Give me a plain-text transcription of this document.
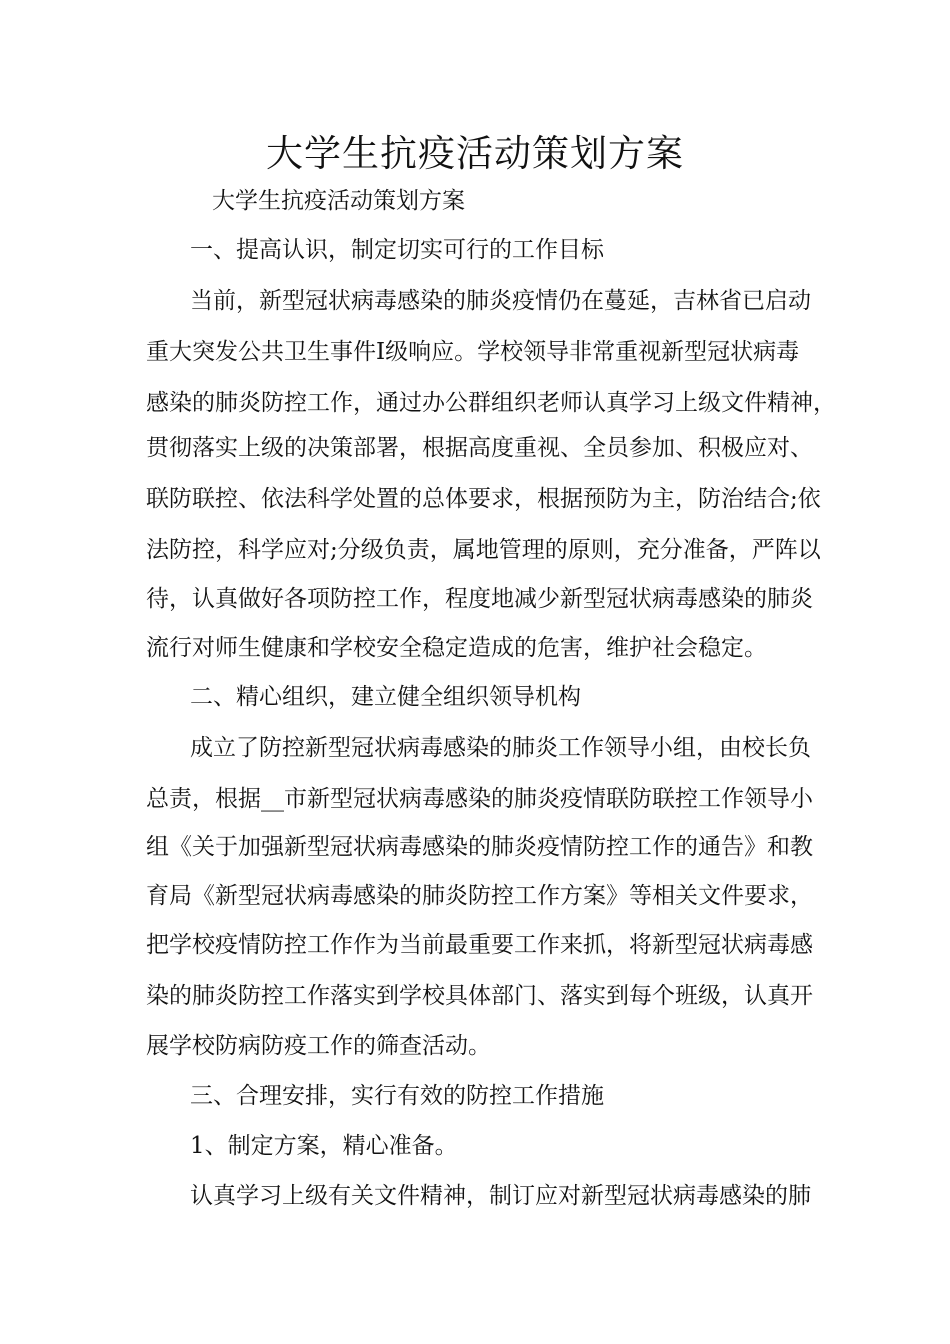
大学生抗疫活动策划方案

大学生抗疫活动策划方案

一、提高认识，制定切实可行的工作目标

当前，新型冠状病毒感染的肺炎疫情仍在蔓延，吉林省已启动

重大突发公共卫生事件Ⅰ级响应。学校领导非常重视新型冠状病毒

感染的肺炎防控工作，通过办公群组织老师认真学习上级文件精神，

贯彻落实上级的决策部署，根据高度重视、全员参加、积极应对、

联防联控、依法科学处置的总体要求，根据预防为主，防治结合;依

法防控，科学应对;分级负责，属地管理的原则，充分准备，严阵以

待，认真做好各项防控工作，程度地减少新型冠状病毒感染的肺炎

流行对师生健康和学校安全稳定造成的危害，维护社会稳定。

二、精心组织，建立健全组织领导机构

成立了防控新型冠状病毒感染的肺炎工作领导小组，由校长负

总责，根据__市新型冠状病毒感染的肺炎疫情联防联控工作领导小

组《关于加强新型冠状病毒感染的肺炎疫情防控工作的通告》和教

育局《新型冠状病毒感染的肺炎防控工作方案》等相关文件要求，

把学校疫情防控工作作为当前最重要工作来抓，将新型冠状病毒感

染的肺炎防控工作落实到学校具体部门、落实到每个班级，认真开

展学校防病防疫工作的筛查活动。

三、合理安排，实行有效的防控工作措施

1、制定方案，精心准备。

认真学习上级有关文件精神，制订应对新型冠状病毒感染的肺
